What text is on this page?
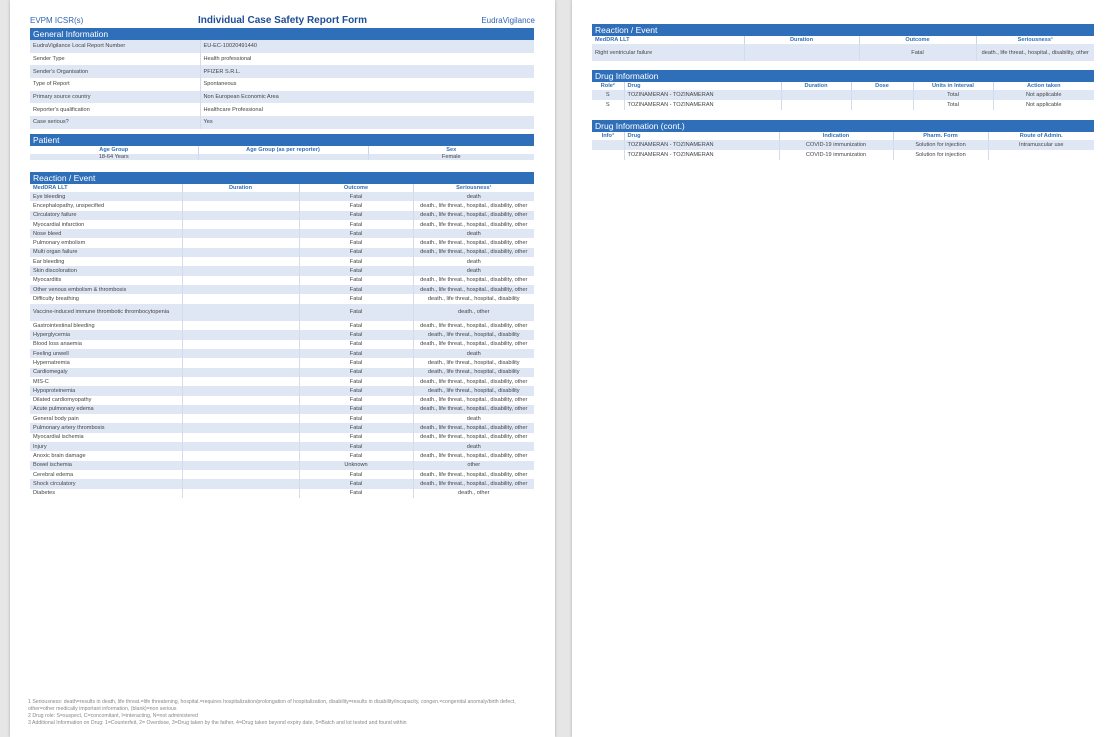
EVPM ICSR(s)	Individual Case Safety Report Form	EudraVigilance
General Information
EudraVigilance Local Report Number	EU-EC-10020491440
Sender Type	Health professional
Sender's Organisation	PFIZER S.R.L.
Type of Report	Spontaneous
Primary source country	Non European Economic Area
Reporter's qualification	Healthcare Professional
Case serious?	Yes
Patient
Age Group	Age Group (as per reporter)	Sex
18-64 Years		Female
Reaction / Event
MedDRA LLT	Duration	Outcome	Seriousness¹
Eye bleeding		Fatal	death
Encephalopathy, unspecified		Fatal	death., life threat., hospital., disability, other
Circulatory failure		Fatal	death., life threat., hospital., disability, other
Myocardial infarction		Fatal	death., life threat., hospital., disability, other
Nose bleed		Fatal	death
Pulmonary embolism		Fatal	death., life threat., hospital., disability, other
Multi organ failure		Fatal	death., life threat., hospital., disability, other
Ear bleeding		Fatal	death
Skin discoloration		Fatal	death
Myocarditis		Fatal	death., life threat., hospital., disability, other
Other venous embolism & thrombosis		Fatal	death., life threat., hospital., disability, other
Difficulty breathing		Fatal	death., life threat., hospital., disability
Vaccine-induced immune thrombotic thrombocytopenia		Fatal	death., other
Gastrointestinal bleeding		Fatal	death., life threat., hospital., disability, other
Hyperglycemia		Fatal	death., life threat., hospital., disability
Blood loss anaemia		Fatal	death., life threat., hospital., disability, other
Feeling unwell		Fatal	death
Hypernatremia		Fatal	death., life threat., hospital., disability
Cardiomegaly		Fatal	death., life threat., hospital., disability
MIS-C		Fatal	death., life threat., hospital., disability, other
Hypoproteinemia		Fatal	death., life threat., hospital., disability
Dilated cardiomyopathy		Fatal	death., life threat., hospital., disability, other
Acute pulmonary edema		Fatal	death., life threat., hospital., disability, other
General body pain		Fatal	death
Pulmonary artery thrombosis		Fatal	death., life threat., hospital., disability, other
Myocardial ischemia		Fatal	death., life threat., hospital., disability, other
Injury		Fatal	death
Anoxic brain damage		Fatal	death., life threat., hospital., disability, other
Bowel ischemia		Unknown	other
Cerebral edema		Fatal	death., life threat., hospital., disability, other
Shock circulatory		Fatal	death., life threat., hospital., disability, other
Diabetes		Fatal	death., other
1 Seriousness: death=results in death, life threat.=life threatening, hospital.=requires hospitalization/prolongation of hospitalization, disability=results in disability/incapacity, congen.=congenital anomaly/birth defect, other=other medically important information, (blank)=non serious
2 Drug role: S=suspect, C=concomitant, I=interacting, N=not administered
3 Additional Information on Drug: 1=Counterfeit, 2= Overdose, 3=Drug taken by the father, 4=Drug taken beyond expiry date, 5=Batch and lot tested and found within
Reaction / Event
MedDRA LLT	Duration	Outcome	Seriousness¹
Right ventricular failure		Fatal	death., life threat., hospital., disability, other
Drug Information
Role²	Drug	Duration	Dose	Units in Interval	Action taken
S	TOZINAMERAN - TOZINAMERAN			Total	Not applicable
S	TOZINAMERAN - TOZINAMERAN			Total	Not applicable
Drug Information (cont.)
Info³	Drug	Indication	Pharm. Form	Route of Admin.
	TOZINAMERAN - TOZINAMERAN	COVID-19 immunization	Solution for injection	Intramuscular use
	TOZINAMERAN - TOZINAMERAN	COVID-19 immunization	Solution for injection	
